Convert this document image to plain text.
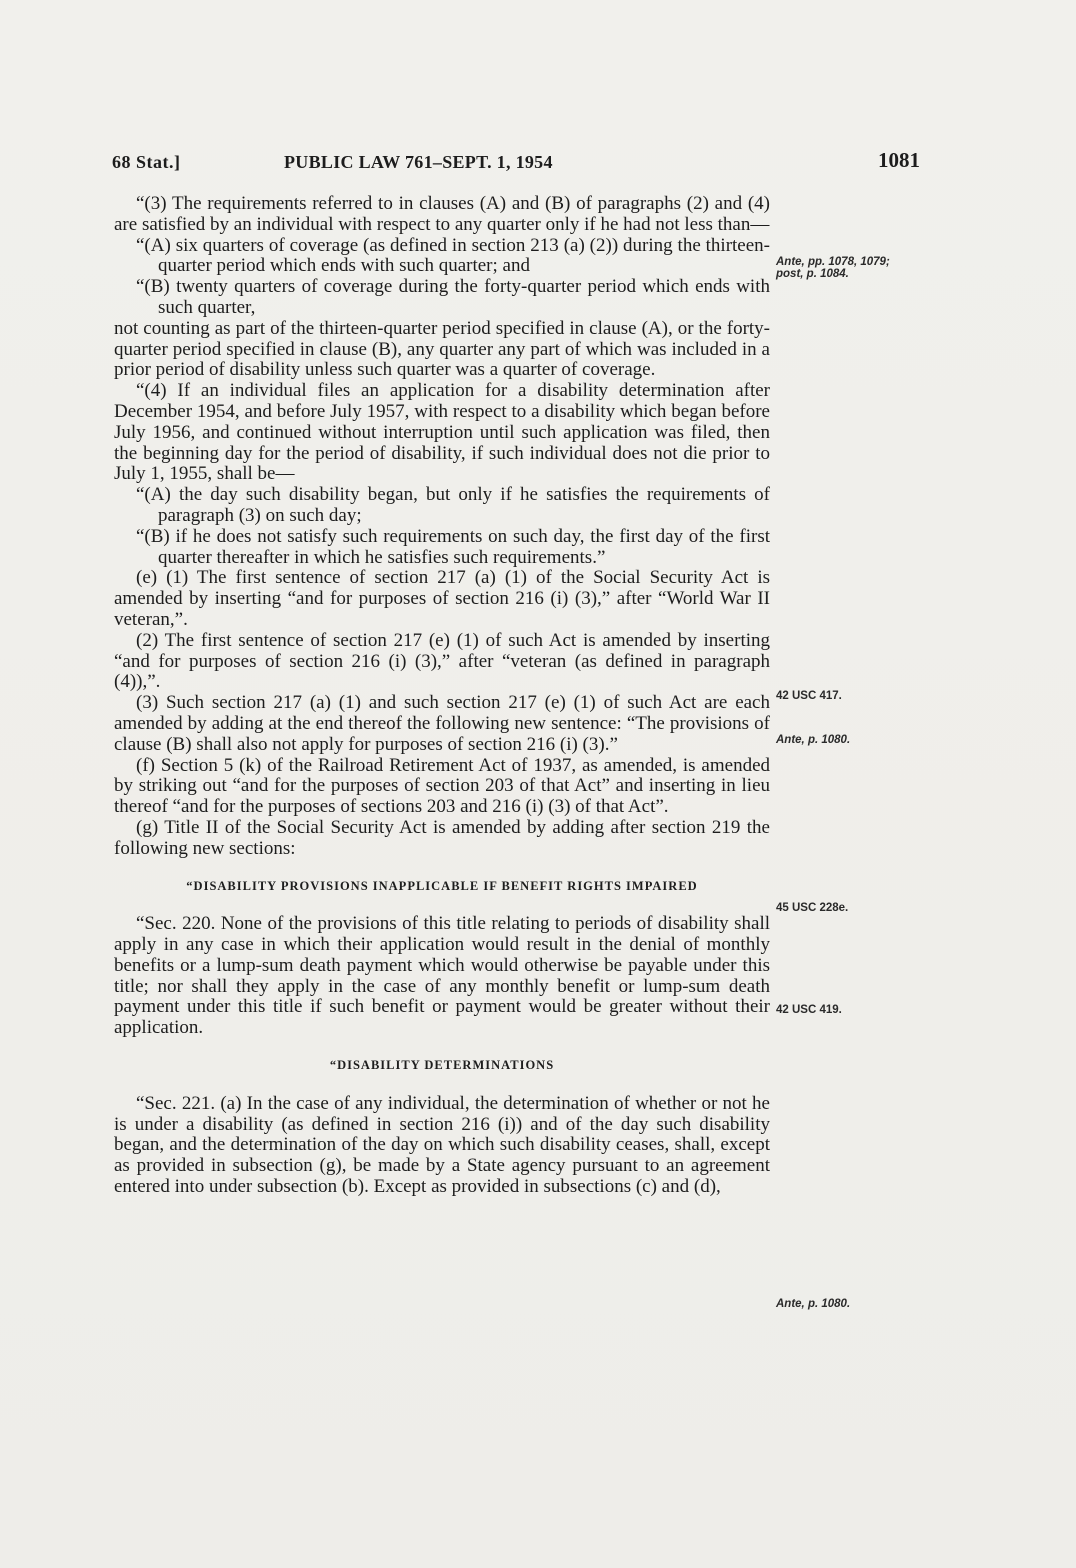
68 Stat.]	PUBLIC LAW 761–SEPT. 1, 1954	1081

“(3) The requirements referred to in clauses (A) and (B) of paragraphs (2) and (4) are satisfied by an individual with respect to any quarter only if he had not less than—

“(A) six quarters of coverage (as defined in section 213 (a) (2)) during the thirteen-quarter period which ends with such quarter; and

“(B) twenty quarters of coverage during the forty-quarter period which ends with such quarter,

not counting as part of the thirteen-quarter period specified in clause (A), or the forty-quarter period specified in clause (B), any quarter any part of which was included in a prior period of disability unless such quarter was a quarter of coverage.

“(4) If an individual files an application for a disability determination after December 1954, and before July 1957, with respect to a disability which began before July 1956, and continued without interruption until such application was filed, then the beginning day for the period of disability, if such individual does not die prior to July 1, 1955, shall be—

“(A) the day such disability began, but only if he satisfies the requirements of paragraph (3) on such day;

“(B) if he does not satisfy such requirements on such day, the first day of the first quarter thereafter in which he satisfies such requirements.”

(e) (1) The first sentence of section 217 (a) (1) of the Social Security Act is amended by inserting “and for purposes of section 216 (i) (3),” after “World War II veteran,”.

(2) The first sentence of section 217 (e) (1) of such Act is amended by inserting “and for purposes of section 216 (i) (3),” after “veteran (as defined in paragraph (4)),”.

(3) Such section 217 (a) (1) and such section 217 (e) (1) of such Act are each amended by adding at the end thereof the following new sentence: “The provisions of clause (B) shall also not apply for purposes of section 216 (i) (3).”

(f) Section 5 (k) of the Railroad Retirement Act of 1937, as amended, is amended by striking out “and for the purposes of section 203 of that Act” and inserting in lieu thereof “and for the purposes of sections 203 and 216 (i) (3) of that Act”.

(g) Title II of the Social Security Act is amended by adding after section 219 the following new sections:

“DISABILITY PROVISIONS INAPPLICABLE IF BENEFIT RIGHTS IMPAIRED

“Sec. 220. None of the provisions of this title relating to periods of disability shall apply in any case in which their application would result in the denial of monthly benefits or a lump-sum death payment which would otherwise be payable under this title; nor shall they apply in the case of any monthly benefit or lump-sum death payment under this title if such benefit or payment would be greater without their application.

“DISABILITY DETERMINATIONS

“Sec. 221. (a) In the case of any individual, the determination of whether or not he is under a disability (as defined in section 216 (i)) and of the day such disability began, and the determination of the day on which such disability ceases, shall, except as provided in subsection (g), be made by a State agency pursuant to an agreement entered into under subsection (b). Except as provided in subsections (c) and (d),

Ante, pp. 1078, 1079; post, p. 1084.
42 USC 417.
Ante, p. 1080.
45 USC 228e.
42 USC 419.
Ante, p. 1080.
